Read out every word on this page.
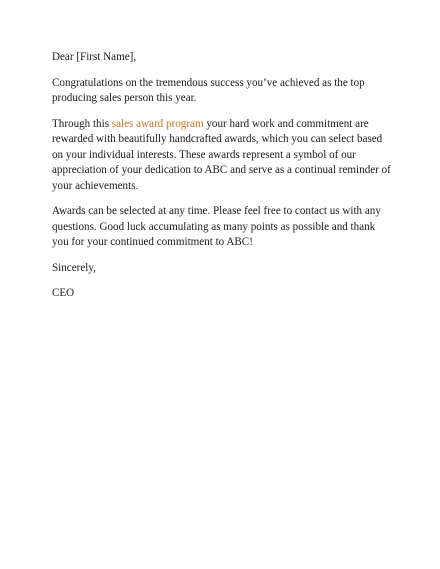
Dear [First Name],

Congratulations on the tremendous success you’ve achieved as the top producing sales person this year.

Through this sales award program your hard work and commitment are rewarded with beautifully handcrafted awards, which you can select based on your individual interests. These awards represent a symbol of our appreciation of your dedication to ABC and serve as a continual reminder of your achievements.

Awards can be selected at any time. Please feel free to contact us with any questions. Good luck accumulating as many points as possible and thank you for your continued commitment to ABC!

Sincerely,

CEO
